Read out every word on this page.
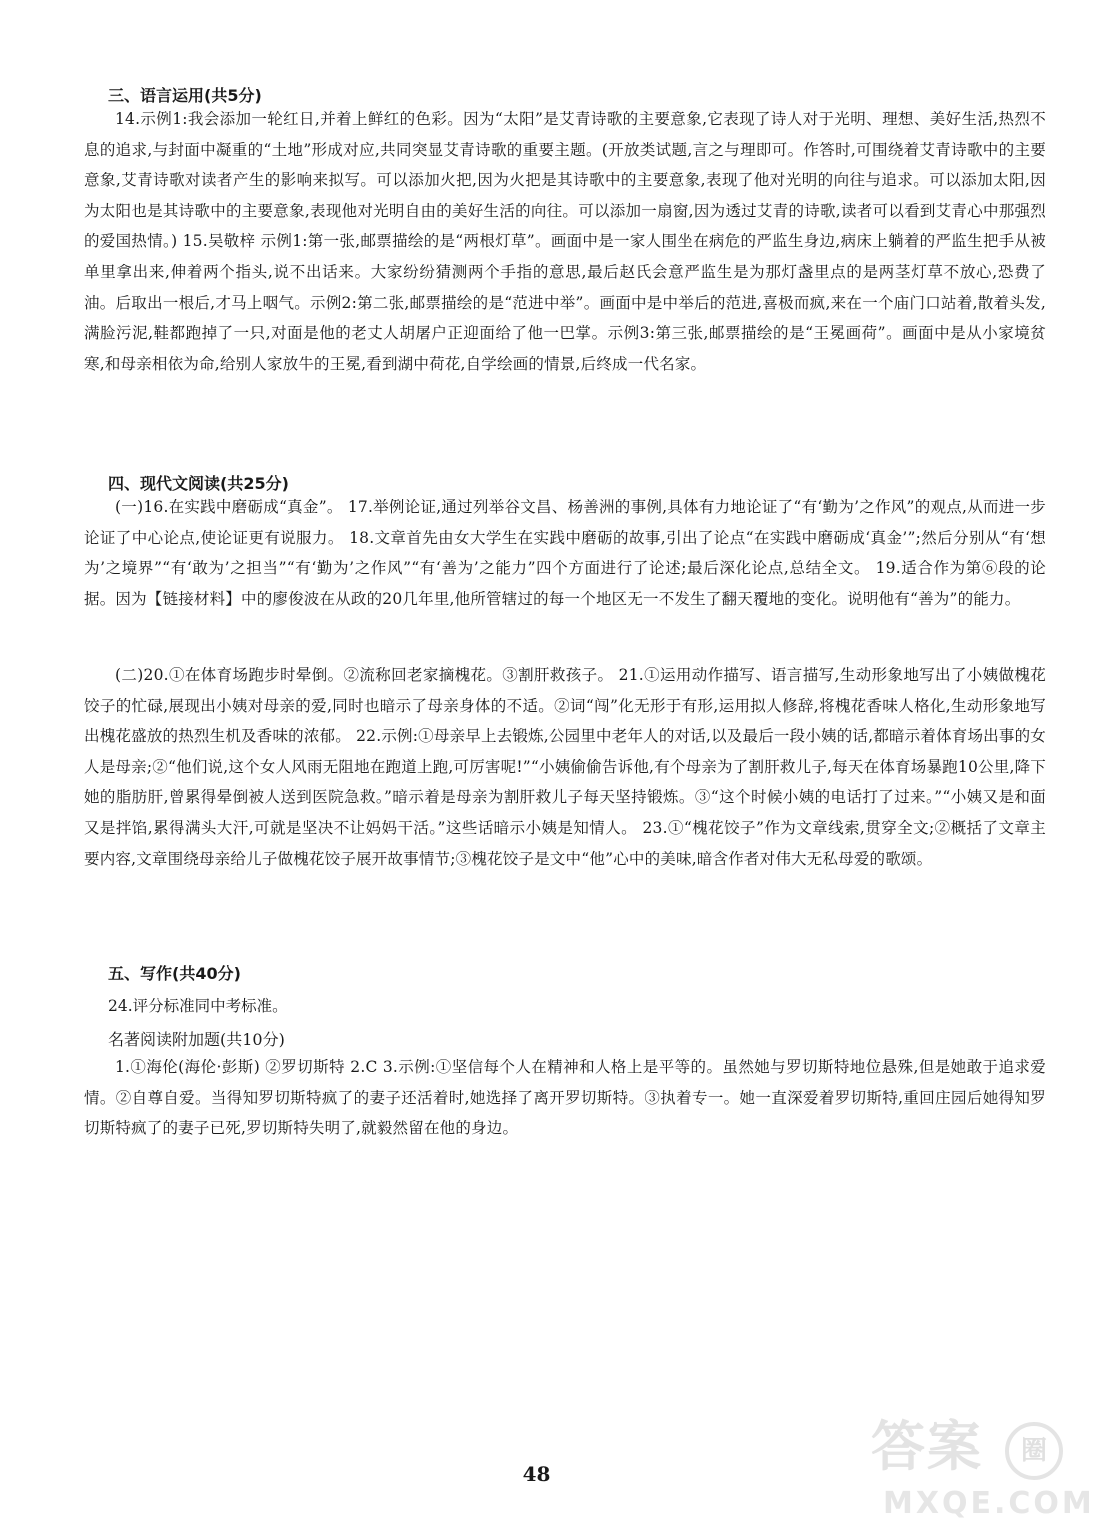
三、语言运用(共5分)

14.示例1:我会添加一轮红日,并着上鲜红的色彩。因为“太阳”是艾青诗歌的主要意象,它表现了诗人对于光明、理想、美好生活,热烈不息的追求,与封面中凝重的“土地”形成对应,共同突显艾青诗歌的重要主题。(开放类试题,言之与理即可。作答时,可围绕着艾青诗歌中的主要意象,艾青诗歌对读者产生的影响来拟写。可以添加火把,因为火把是其诗歌中的主要意象,表现了他对光明的向往与追求。可以添加太阳,因为太阳也是其诗歌中的主要意象,表现他对光明自由的美好生活的向往。可以添加一扇窗,因为透过艾青的诗歌,读者可以看到艾青心中那强烈的爱国热情。) 15.吴敬梓 示例1:第一张,邮票描绘的是“两根灯草”。画面中是一家人围坐在病危的严监生身边,病床上躺着的严监生把手从被单里拿出来,伸着两个指头,说不出话来。大家纷纷猜测两个手指的意思,最后赵氏会意严监生是为那灯盏里点的是两茎灯草不放心,恐费了油。后取出一根后,才马上咽气。示例2:第二张,邮票描绘的是“范进中举”。画面中是中举后的范进,喜极而疯,来在一个庙门口站着,散着头发,满脸污泥,鞋都跑掉了一只,对面是他的老丈人胡屠户正迎面给了他一巴掌。示例3:第三张,邮票描绘的是“王冕画荷”。画面中是从小家境贫寒,和母亲相依为命,给别人家放牛的王冕,看到湖中荷花,自学绘画的情景,后终成一代名家。

四、现代文阅读(共25分)

(一)16.在实践中磨砺成“真金”。 17.举例论证,通过列举谷文昌、杨善洲的事例,具体有力地论证了“有‘勤为’之作风”的观点,从而进一步论证了中心论点,使论证更有说服力。 18.文章首先由女大学生在实践中磨砺的故事,引出了论点“在实践中磨砺成‘真金’”;然后分别从“有‘想为’之境界”“有‘敢为’之担当”“有‘勤为’之作风”“有‘善为’之能力”四个方面进行了论述;最后深化论点,总结全文。 19.适合作为第⑥段的论据。因为【链接材料】中的廖俊波在从政的20几年里,他所管辖过的每一个地区无一不发生了翻天覆地的变化。说明他有“善为”的能力。

(二)20.①在体育场跑步时晕倒。②流称回老家摘槐花。③割肝救孩子。 21.①运用动作描写、语言描写,生动形象地写出了小姨做槐花饺子的忙碌,展现出小姨对母亲的爱,同时也暗示了母亲身体的不适。②词“闯”化无形于有形,运用拟人修辞,将槐花香味人格化,生动形象地写出槐花盛放的热烈生机及香味的浓郁。 22.示例:①母亲早上去锻炼,公园里中老年人的对话,以及最后一段小姨的话,都暗示着体育场出事的女人是母亲;②“他们说,这个女人风雨无阻地在跑道上跑,可厉害呢!”“小姨偷偷告诉他,有个母亲为了割肝救儿子,每天在体育场暴跑10公里,降下她的脂肪肝,曾累得晕倒被人送到医院急救。”暗示着是母亲为割肝救儿子每天坚持锻炼。③“这个时候小姨的电话打了过来。”“小姨又是和面又是拌馅,累得满头大汗,可就是坚决不让妈妈干活。”这些话暗示小姨是知情人。 23.①“槐花饺子”作为文章线索,贯穿全文;②概括了文章主要内容,文章围绕母亲给儿子做槐花饺子展开故事情节;③槐花饺子是文中“他”心中的美味,暗含作者对伟大无私母爱的歌颂。

五、写作(共40分)
24.评分标准同中考标准。
名著阅读附加题(共10分)

1.①海伦(海伦·彭斯) ②罗切斯特 2.C 3.示例:①坚信每个人在精神和人格上是平等的。虽然她与罗切斯特地位悬殊,但是她敢于追求爱情。②自尊自爱。当得知罗切斯特疯了的妻子还活着时,她选择了离开罗切斯特。③执着专一。她一直深爱着罗切斯特,重回庄园后她得知罗切斯特疯了的妻子已死,罗切斯特失明了,就毅然留在他的身边。

48	答案	圈
MXQE.COM
